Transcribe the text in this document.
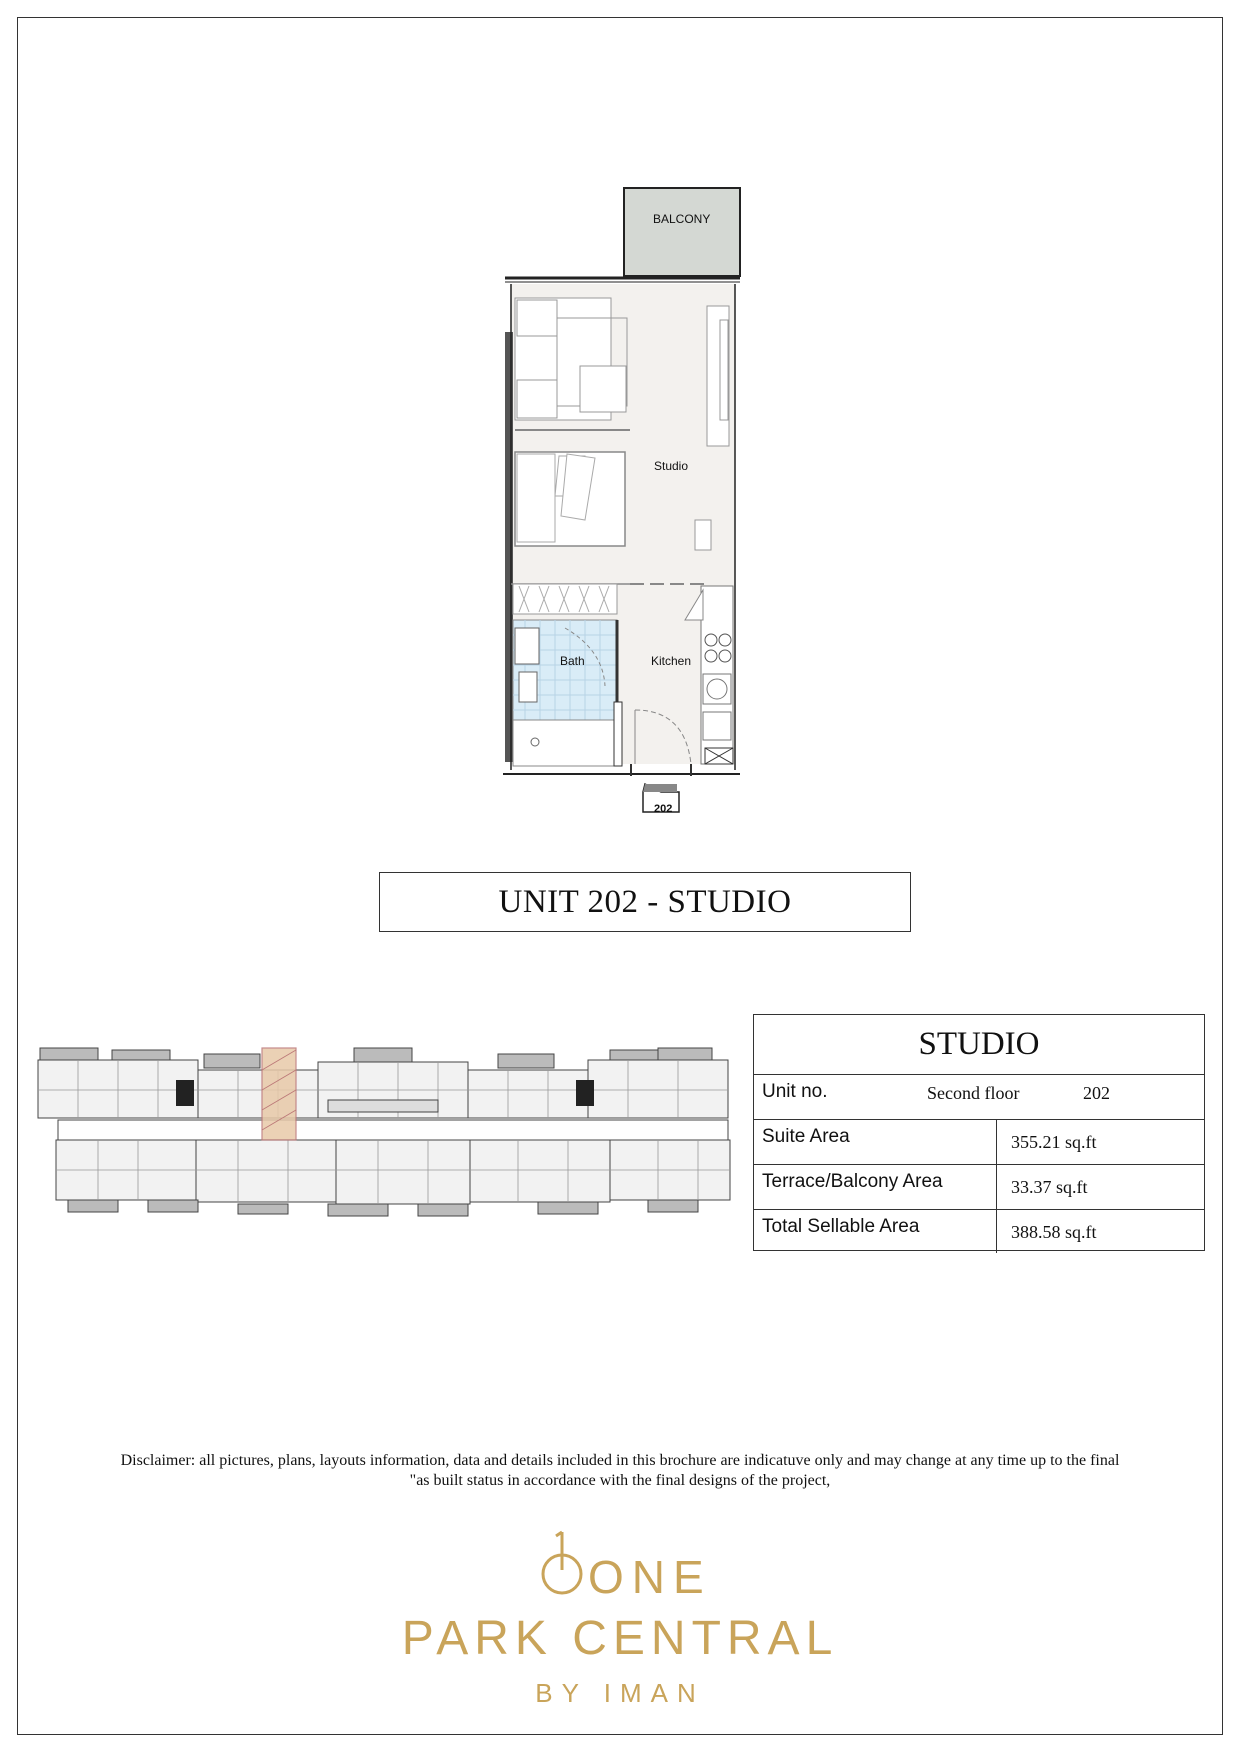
BALCONY
Studio
Bath	Kitchen
202
UNIT 202 - STUDIO
STUDIO
Unit no.	Second floor	202
Suite Area	355.21 sq.ft
Terrace/Balcony Area	33.37 sq.ft
Total Sellable Area	388.58 sq.ft
Disclaimer: all pictures, plans, layouts information, data and details included in this brochure are indicatuve only and may change at any time up to the final
"as built status in accordance with the final designs of the project,
ONE
PARK CENTRAL
BY IMAN
